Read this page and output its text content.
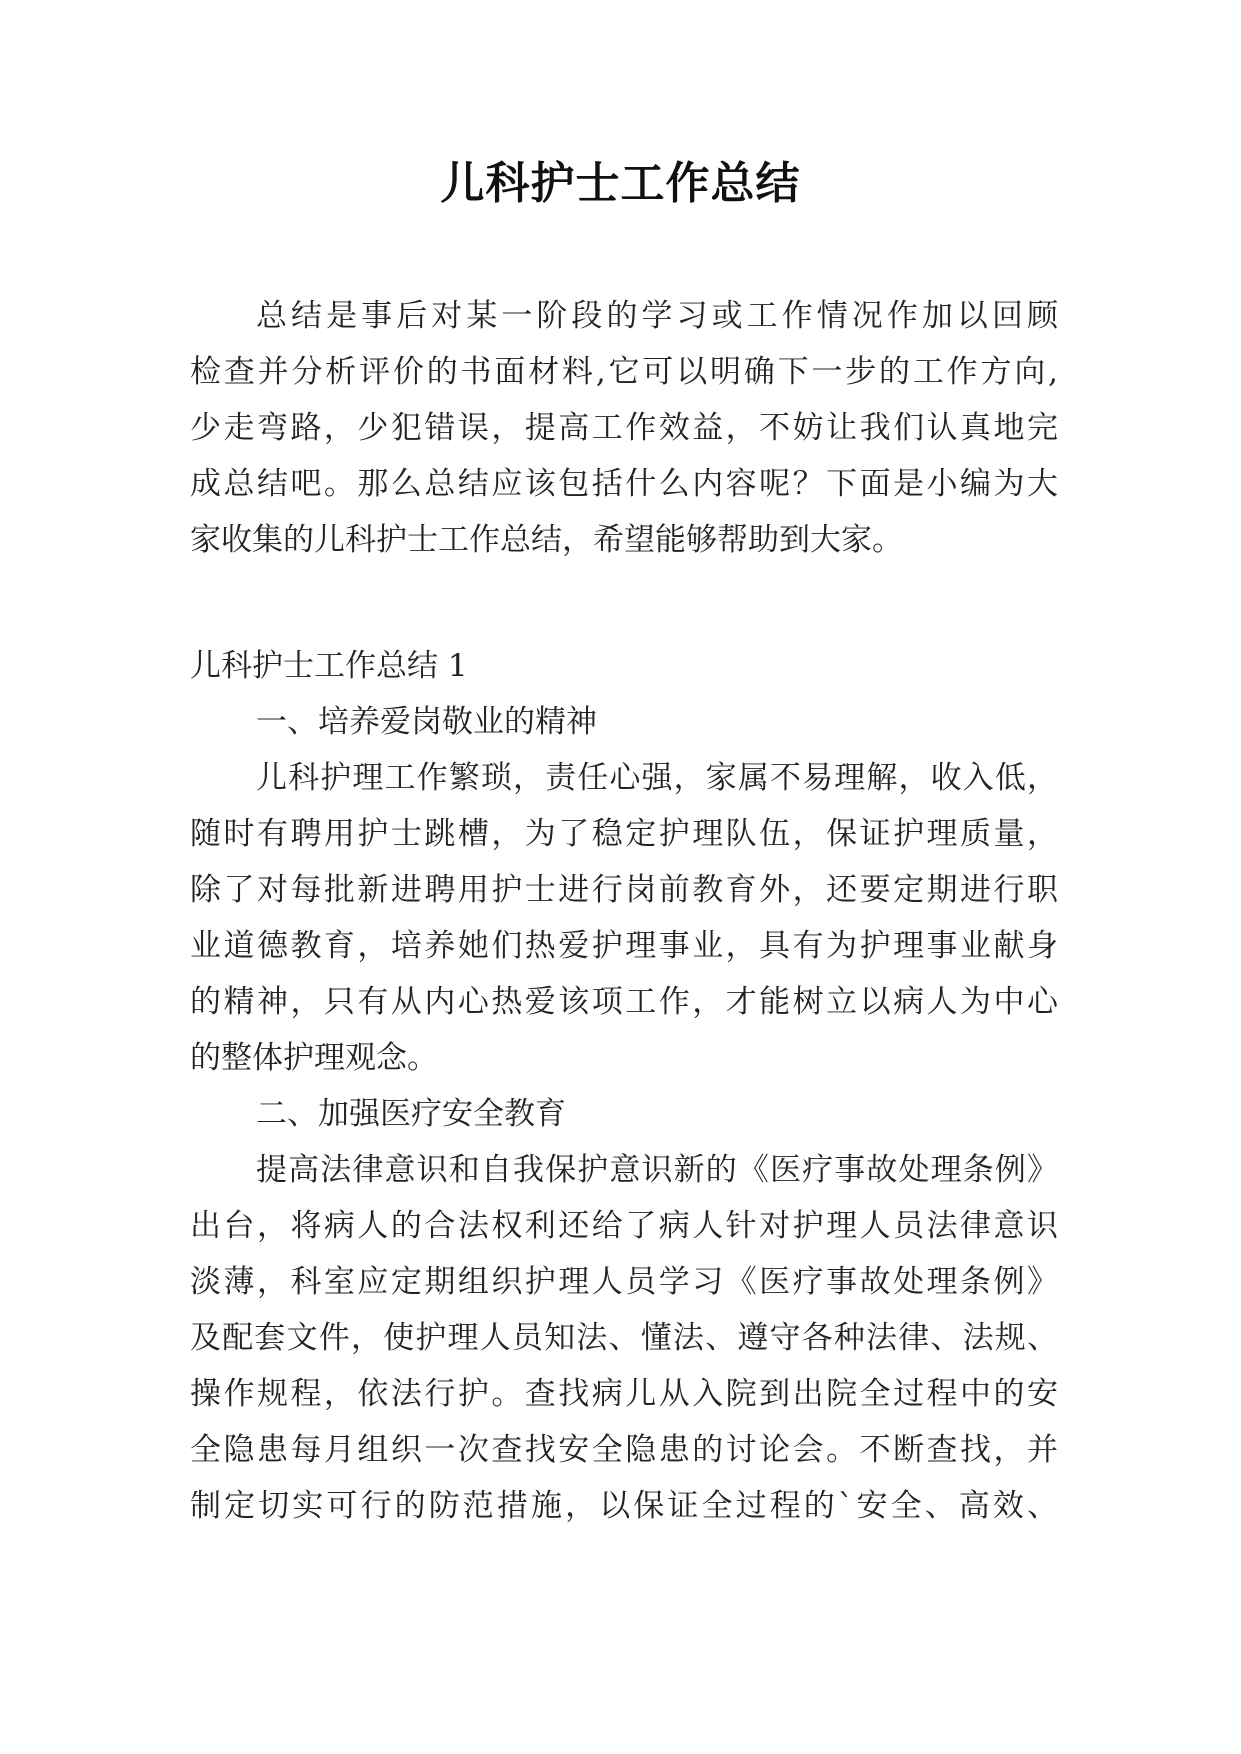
儿科护士工作总结
总结是事后对某一阶段的学习或工作情况作加以回顾
检查并分析评价的书面材料,它可以明确下一步的工作方向,
少走弯路，少犯错误，提高工作效益，不妨让我们认真地完
成总结吧。那么总结应该包括什么内容呢？下面是小编为大
家收集的儿科护士工作总结，希望能够帮助到大家。
儿科护士工作总结 1
一、培养爱岗敬业的精神
儿科护理工作繁琐，责任心强，家属不易理解，收入低，
随时有聘用护士跳槽，为了稳定护理队伍，保证护理质量，
除了对每批新进聘用护士进行岗前教育外，还要定期进行职
业道德教育，培养她们热爱护理事业，具有为护理事业献身
的精神，只有从内心热爱该项工作，才能树立以病人为中心
的整体护理观念。
二、加强医疗安全教育
提高法律意识和自我保护意识新的《医疗事故处理条例》
出台，将病人的合法权利还给了病人针对护理人员法律意识
淡薄，科室应定期组织护理人员学习《医疗事故处理条例》
及配套文件，使护理人员知法、懂法、遵守各种法律、法规、
操作规程，依法行护。查找病儿从入院到出院全过程中的安
全隐患每月组织一次查找安全隐患的讨论会。不断查找，并
制定切实可行的防范措施，以保证全过程的`安全、高效、
